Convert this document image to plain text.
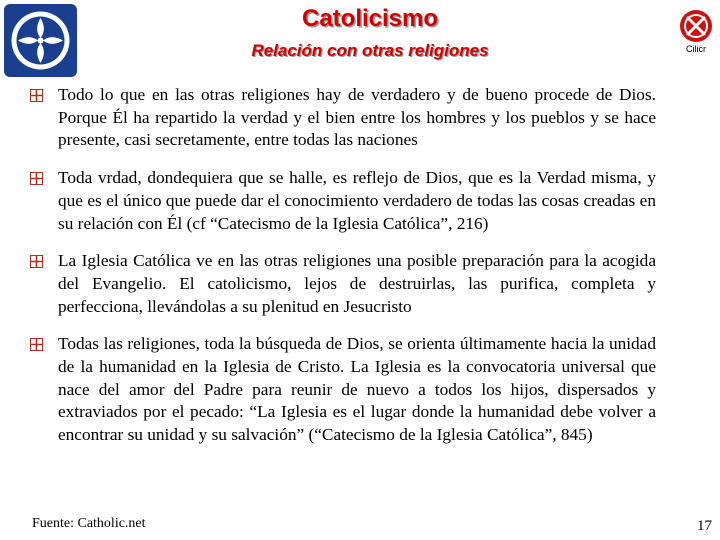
Cilicr
Catolicismo
Relación con otras religiones
Todo lo que en las otras religiones hay de verdadero y de bueno procede de Dios. Porque Él ha repartido la verdad y el bien entre los hombres y los pueblos y se hace presente, casi secretamente, entre todas las naciones
Toda vrdad, dondequiera que se halle, es reflejo de Dios, que es la Verdad misma, y que es el único que puede dar el conocimiento verdadero de todas las cosas creadas en su relación con Él (cf “Catecismo de la Iglesia Católica”, 216)
La Iglesia Católica ve en las otras religiones una posible preparación para la acogida del Evangelio. El catolicismo, lejos de destruirlas, las purifica, completa y perfecciona, llevándolas a su plenitud en Jesucristo
Todas las religiones, toda la búsqueda de Dios, se orienta últimamente hacia la unidad de la humanidad en la Iglesia de Cristo. La Iglesia es la convocatoria universal que nace del amor del Padre para reunir de nuevo a todos los hijos, dispersados y extraviados por el pecado: “La Iglesia es el lugar donde la humanidad debe volver a encontrar su unidad y su salvación” (“Catecismo de la Iglesia Católica”, 845)
Fuente: Catholic.net	17
